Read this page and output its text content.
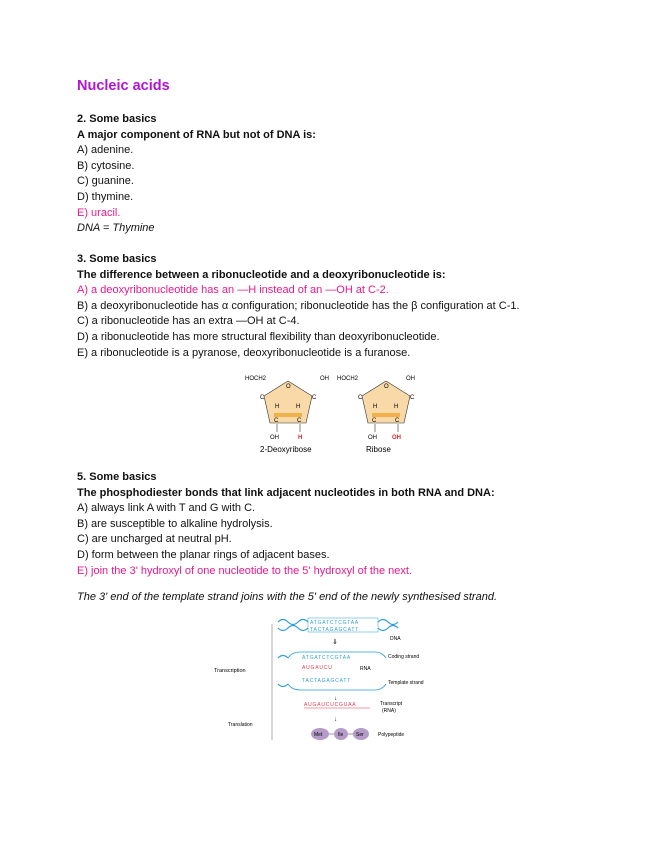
Nucleic acids
2. Some basics
A major component of RNA but not of DNA is:
A) adenine.
B) cytosine.
C) guanine.
D) thymine.
E) uracil.
DNA = Thymine
3. Some basics
The difference between a ribonucleotide and a deoxyribonucleotide is:
A) a deoxyribonucleotide has an —H instead of an —OH at C-2.
B) a deoxyribonucleotide has α configuration; ribonucleotide has the β configuration at C-1.
C) a ribonucleotide has an extra —OH at C-4.
D) a ribonucleotide has more structural flexibility than deoxyribonucleotide.
E) a ribonucleotide is a pyranose, deoxyribonucleotide is a furanose.
HOCH2
O
OH
C	C
H	H
C	C
OH	H
2-Deoxyribose
HOCH2
O
OH
C	C
H	H
C	C
OH	OH
Ribose
5. Some basics
The phosphodiester bonds that link adjacent nucleotides in both RNA and DNA:
A) always link A with T and G with C.
B) are susceptible to alkaline hydrolysis.
C) are uncharged at neutral pH.
D) form between the planar rings of adjacent bases.
E) join the 3' hydroxyl of one nucleotide to the 5' hydroxyl of the next.
The 3' end of the template strand joins with the 5' end of the newly synthesised strand.
ATGATCTCGTAA
TACTAGAGCATT
DNA
⇓
Transcription
ATGATCTCGTAA
AUGAUCU
TACTAGAGCATT
Coding strand
RNA
Template strand
↓
AUGAUCUCGUAA	Transcript
(RNA)
↓
Translation
Met	Ile	Ser	Polypeptide
